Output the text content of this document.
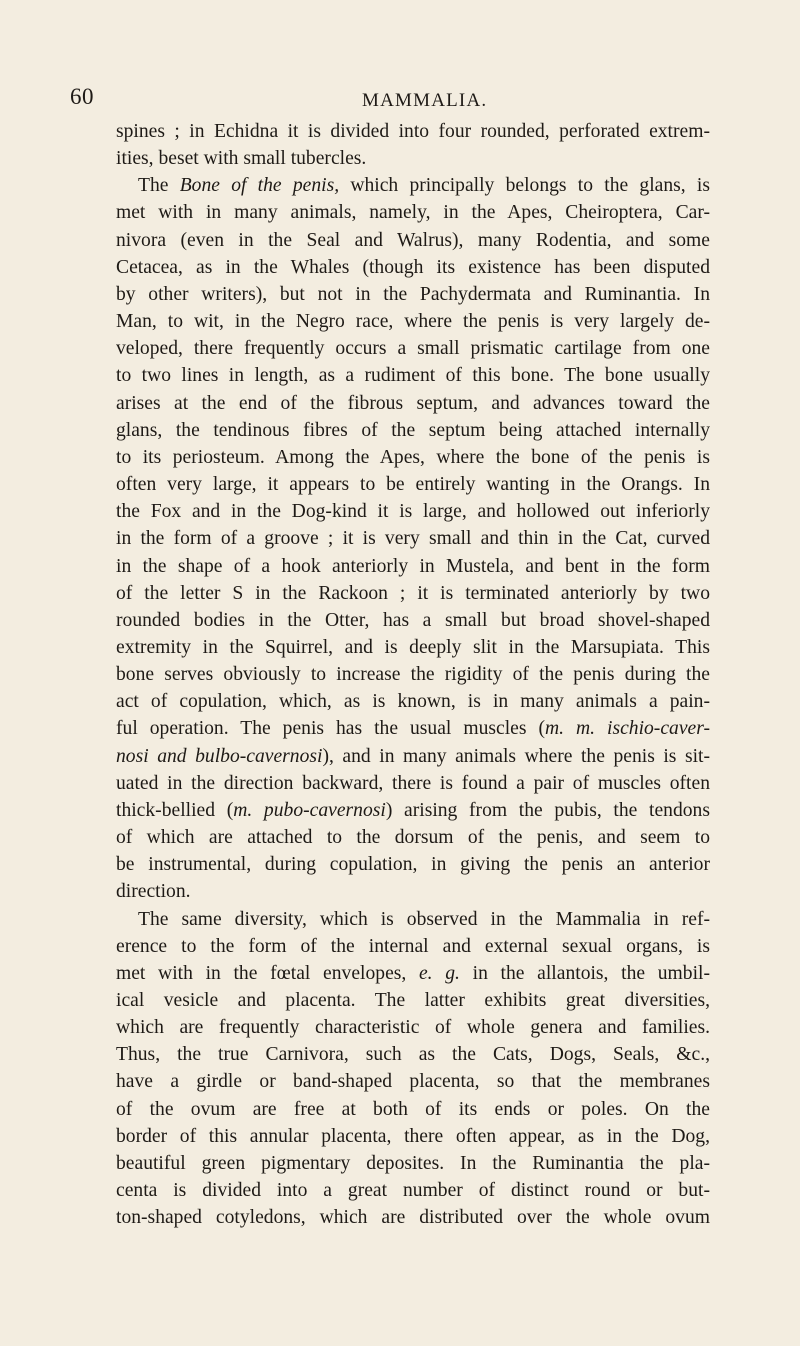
60	MAMMALIA.
spines ; in Echidna it is divided into four rounded, perforated extrem-
ities, beset with small tubercles.
The Bone of the penis, which principally belongs to the glans, is
met with in many animals, namely, in the Apes, Cheiroptera, Car-
nivora (even in the Seal and Walrus), many Rodentia, and some
Cetacea, as in the Whales (though its existence has been disputed
by other writers), but not in the Pachydermata and Ruminantia. In
Man, to wit, in the Negro race, where the penis is very largely de-
veloped, there frequently occurs a small prismatic cartilage from one
to two lines in length, as a rudiment of this bone. The bone usually
arises at the end of the fibrous septum, and advances toward the
glans, the tendinous fibres of the septum being attached internally
to its periosteum. Among the Apes, where the bone of the penis is
often very large, it appears to be entirely wanting in the Orangs. In
the Fox and in the Dog-kind it is large, and hollowed out inferiorly
in the form of a groove ; it is very small and thin in the Cat, curved
in the shape of a hook anteriorly in Mustela, and bent in the form
of the letter S in the Rackoon ; it is terminated anteriorly by two
rounded bodies in the Otter, has a small but broad shovel-shaped
extremity in the Squirrel, and is deeply slit in the Marsupiata. This
bone serves obviously to increase the rigidity of the penis during the
act of copulation, which, as is known, is in many animals a pain-
ful operation. The penis has the usual muscles (m. m. ischio-caver-
nosi and bulbo-cavernosi), and in many animals where the penis is sit-
uated in the direction backward, there is found a pair of muscles often
thick-bellied (m. pubo-cavernosi) arising from the pubis, the tendons
of which are attached to the dorsum of the penis, and seem to
be instrumental, during copulation, in giving the penis an anterior
direction.
The same diversity, which is observed in the Mammalia in ref-
erence to the form of the internal and external sexual organs, is
met with in the fœtal envelopes, e. g. in the allantois, the umbil-
ical vesicle and placenta. The latter exhibits great diversities,
which are frequently characteristic of whole genera and families.
Thus, the true Carnivora, such as the Cats, Dogs, Seals, &c.,
have a girdle or band-shaped placenta, so that the membranes
of the ovum are free at both of its ends or poles. On the
border of this annular placenta, there often appear, as in the Dog,
beautiful green pigmentary deposites. In the Ruminantia the pla-
centa is divided into a great number of distinct round or but-
ton-shaped cotyledons, which are distributed over the whole ovum
